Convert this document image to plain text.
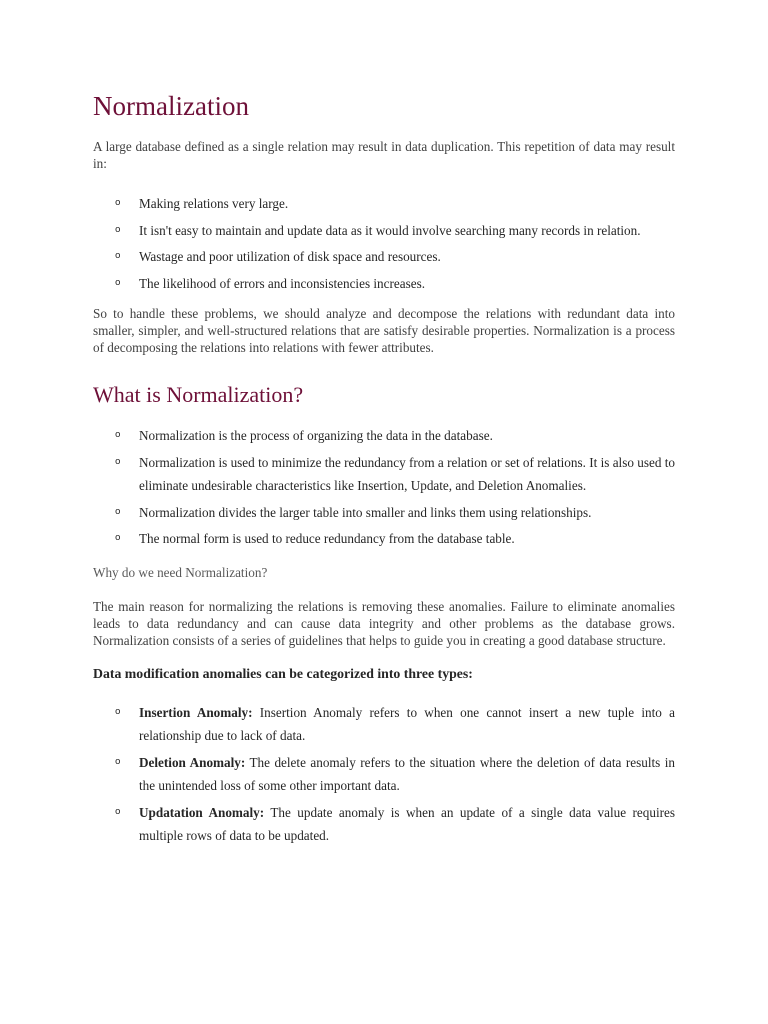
Normalization

A large database defined as a single relation may result in data duplication. This repetition of data may result in:

o Making relations very large.
o It isn't easy to maintain and update data as it would involve searching many records in relation.
o Wastage and poor utilization of disk space and resources.
o The likelihood of errors and inconsistencies increases.

So to handle these problems, we should analyze and decompose the relations with redundant data into smaller, simpler, and well-structured relations that are satisfy desirable properties. Normalization is a process of decomposing the relations into relations with fewer attributes.

What is Normalization?
o Normalization is the process of organizing the data in the database.
o Normalization is used to minimize the redundancy from a relation or set of relations. It is also used to eliminate undesirable characteristics like Insertion, Update, and Deletion Anomalies.
o Normalization divides the larger table into smaller and links them using relationships.
o The normal form is used to reduce redundancy from the database table.

Why do we need Normalization?

The main reason for normalizing the relations is removing these anomalies. Failure to eliminate anomalies leads to data redundancy and can cause data integrity and other problems as the database grows. Normalization consists of a series of guidelines that helps to guide you in creating a good database structure.

Data modification anomalies can be categorized into three types:

o Insertion Anomaly: Insertion Anomaly refers to when one cannot insert a new tuple into a relationship due to lack of data.
o Deletion Anomaly: The delete anomaly refers to the situation where the deletion of data results in the unintended loss of some other important data.
o Updatation Anomaly: The update anomaly is when an update of a single data value requires multiple rows of data to be updated.
